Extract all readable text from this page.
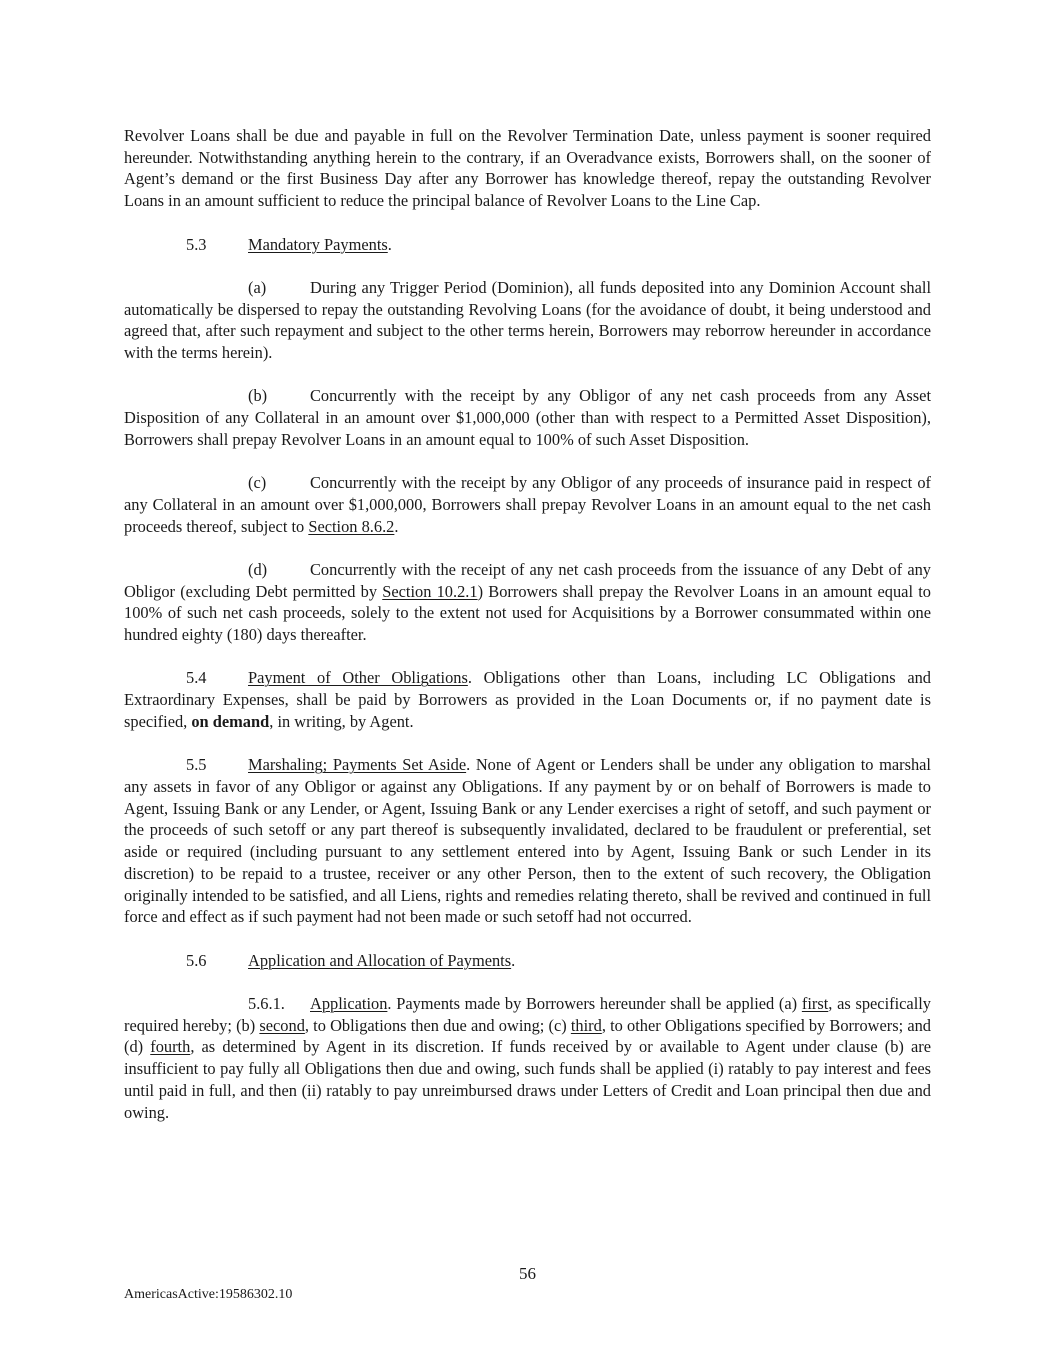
Revolver Loans shall be due and payable in full on the Revolver Termination Date, unless payment is sooner required hereunder. Notwithstanding anything herein to the contrary, if an Overadvance exists, Borrowers shall, on the sooner of Agent’s demand or the first Business Day after any Borrower has knowledge thereof, repay the outstanding Revolver Loans in an amount sufficient to reduce the principal balance of Revolver Loans to the Line Cap.

5.3	Mandatory Payments.

(a)	During any Trigger Period (Dominion), all funds deposited into any Dominion Account shall automatically be dispersed to repay the outstanding Revolving Loans (for the avoidance of doubt, it being understood and agreed that, after such repayment and subject to the other terms herein, Borrowers may reborrow hereunder in accordance with the terms herein).

(b)	Concurrently with the receipt by any Obligor of any net cash proceeds from any Asset Disposition of any Collateral in an amount over $1,000,000 (other than with respect to a Permitted Asset Disposition), Borrowers shall prepay Revolver Loans in an amount equal to 100% of such Asset Disposition.

(c)	Concurrently with the receipt by any Obligor of any proceeds of insurance paid in respect of any Collateral in an amount over $1,000,000, Borrowers shall prepay Revolver Loans in an amount equal to the net cash proceeds thereof, subject to Section 8.6.2.

(d)	Concurrently with the receipt of any net cash proceeds from the issuance of any Debt of any Obligor (excluding Debt permitted by Section 10.2.1) Borrowers shall prepay the Revolver Loans in an amount equal to 100% of such net cash proceeds, solely to the extent not used for Acquisitions by a Borrower consummated within one hundred eighty (180) days thereafter.

5.4	Payment of Other Obligations. Obligations other than Loans, including LC Obligations and Extraordinary Expenses, shall be paid by Borrowers as provided in the Loan Documents or, if no payment date is specified, on demand, in writing, by Agent.

5.5	Marshaling; Payments Set Aside. None of Agent or Lenders shall be under any obligation to marshal any assets in favor of any Obligor or against any Obligations. If any payment by or on behalf of Borrowers is made to Agent, Issuing Bank or any Lender, or Agent, Issuing Bank or any Lender exercises a right of setoff, and such payment or the proceeds of such setoff or any part thereof is subsequently invalidated, declared to be fraudulent or preferential, set aside or required (including pursuant to any settlement entered into by Agent, Issuing Bank or such Lender in its discretion) to be repaid to a trustee, receiver or any other Person, then to the extent of such recovery, the Obligation originally intended to be satisfied, and all Liens, rights and remedies relating thereto, shall be revived and continued in full force and effect as if such payment had not been made or such setoff had not occurred.

5.6	Application and Allocation of Payments.

5.6.1. Application. Payments made by Borrowers hereunder shall be applied (a) first, as specifically required hereby; (b) second, to Obligations then due and owing; (c) third, to other Obligations specified by Borrowers; and (d) fourth, as determined by Agent in its discretion. If funds received by or available to Agent under clause (b) are insufficient to pay fully all Obligations then due and owing, such funds shall be applied (i) ratably to pay interest and fees until paid in full, and then (ii) ratably to pay unreimbursed draws under Letters of Credit and Loan principal then due and owing.

56
AmericasActive:19586302.10
